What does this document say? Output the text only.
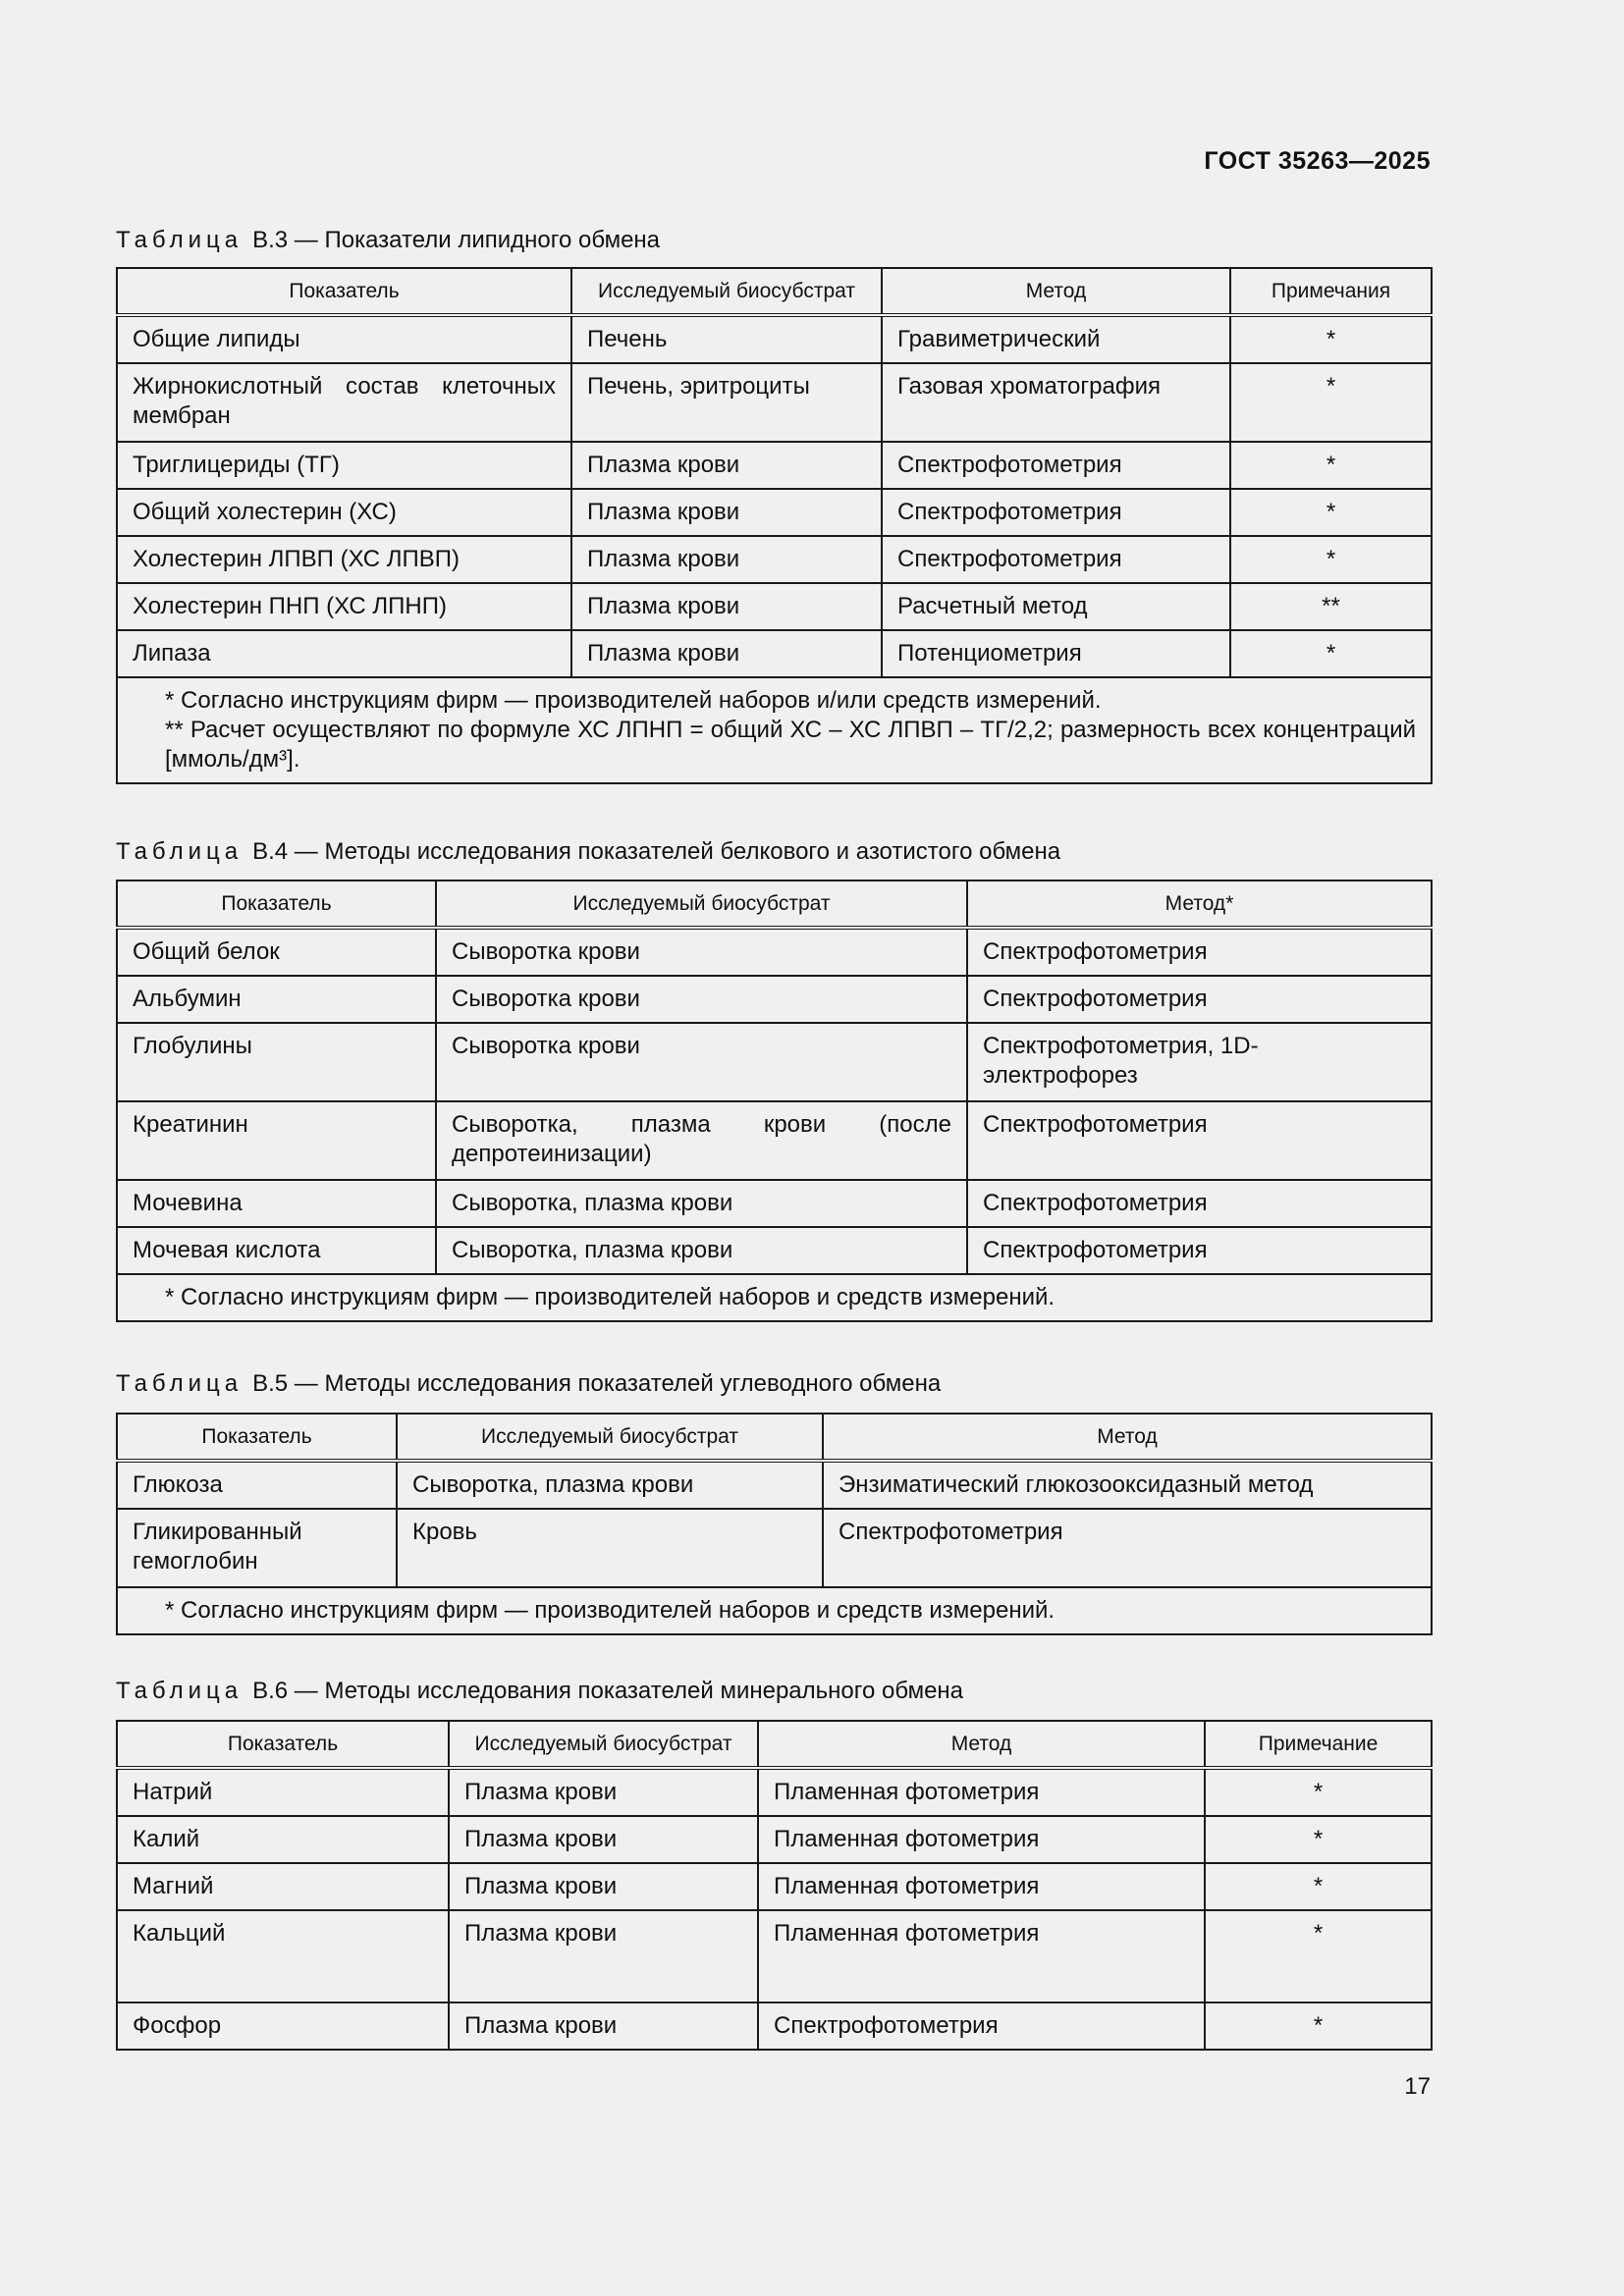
ГОСТ 35263—2025
Таблица В.3 — Показатели липидного обмена
Показатель	Исследуемый биосубстрат	Метод	Примечания
Общие липиды	Печень	Гравиметрический	*
Жирнокислотный состав клеточных мембран	Печень, эритроциты	Газовая хроматография	*
Триглицериды (ТГ)	Плазма крови	Спектрофотометрия	*
Общий холестерин (ХС)	Плазма крови	Спектрофотометрия	*
Холестерин ЛПВП (ХС ЛПВП)	Плазма крови	Спектрофотометрия	*
Холестерин ПНП (ХС ЛПНП)	Плазма крови	Расчетный метод	**
Липаза	Плазма крови	Потенциометрия	*

* Согласно инструкциям фирм — производителей наборов и/или средств измерений.
** Расчет осуществляют по формуле ХС ЛПНП = общий ХС – ХС ЛПВП – ТГ/2,2; размерность всех концентраций [ммоль/дм³].			
Таблица В.4 — Методы исследования показателей белкового и азотистого обмена
Показатель	Исследуемый биосубстрат	Метод*
Общий белок	Сыворотка крови	Спектрофотометрия
Альбумин	Сыворотка крови	Спектрофотометрия
Глобулины	Сыворотка крови	Спектрофотометрия, 1D-электрофорез
Креатинин	Сыворотка, плазма крови (после депротеинизации)	Спектрофотометрия
Мочевина	Сыворотка, плазма крови	Спектрофотометрия
Мочевая кислота	Сыворотка, плазма крови	Спектрофотометрия
* Согласно инструкциям фирм — производителей наборов и средств измерений.		
Таблица В.5 — Методы исследования показателей углеводного обмена
Показатель	Исследуемый биосубстрат	Метод
Глюкоза	Сыворотка, плазма крови	Энзиматический глюкозооксидазный метод
Гликированный гемоглобин	Кровь	Спектрофотометрия
* Согласно инструкциям фирм — производителей наборов и средств измерений.		
Таблица В.6 — Методы исследования показателей минерального обмена
Показатель	Исследуемый биосубстрат	Метод	Примечание
Натрий	Плазма крови	Пламенная фотометрия	*
Калий	Плазма крови	Пламенная фотометрия	*
Магний	Плазма крови	Пламенная фотометрия	*
Кальций	Плазма крови	Пламенная фотометрия	*
Фосфор	Плазма крови	Спектрофотометрия	*
17
